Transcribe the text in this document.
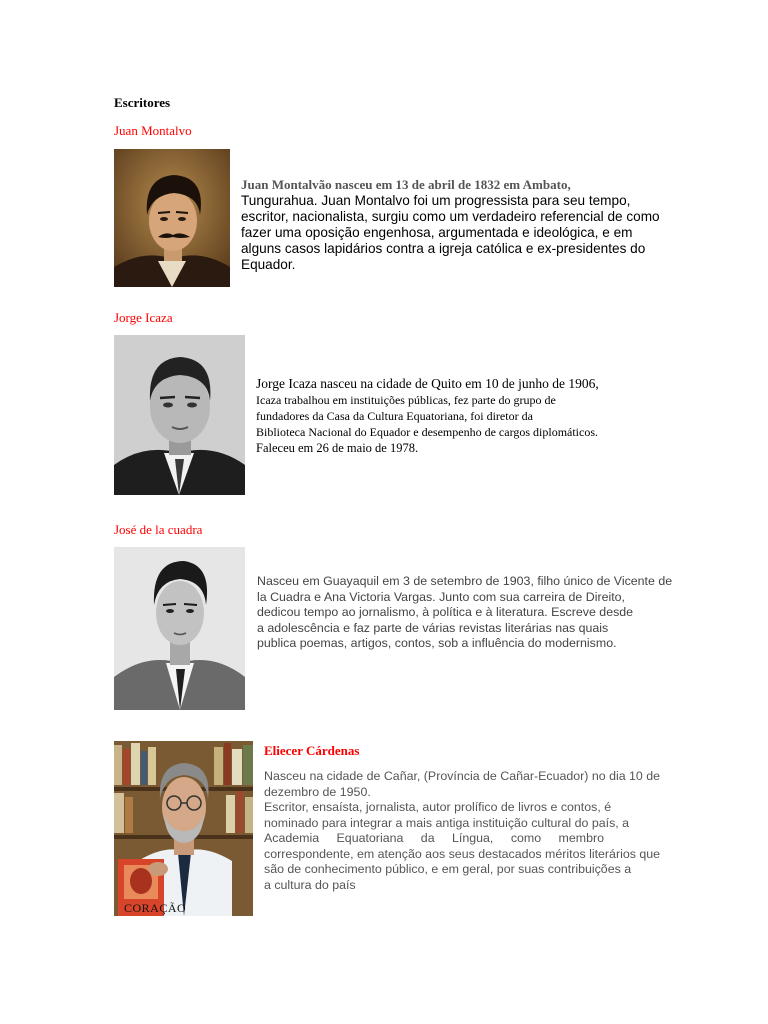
Escritores
Juan Montalvo
Juan Montalvão nasceu em 13 de abril de 1832 em Ambato,
Tungurahua. Juan Montalvo foi um progressista para seu tempo,
escritor, nacionalista, surgiu como um verdadeiro referencial de como
fazer uma oposição engenhosa, argumentada e ideológica, e em
alguns casos lapidários contra a igreja católica e ex-presidentes do
Equador.
Jorge Icaza
Jorge Icaza nasceu na cidade de Quito em 10 de junho de 1906,
Icaza trabalhou em instituições públicas, fez parte do grupo de
fundadores da Casa da Cultura Equatoriana, foi diretor da
Biblioteca Nacional do Equador e desempenho de cargos diplomáticos.
Faleceu em 26 de maio de 1978.
José de la cuadra
Nasceu em Guayaquil em 3 de setembro de 1903, filho único de Vicente de
la Cuadra e Ana Victoria Vargas. Junto com sua carreira de Direito,
dedicou tempo ao jornalismo, à política e à literatura. Escreve desde
a adolescência e faz parte de várias revistas literárias nas quais
publica poemas, artigos, contos, sob a influência do modernismo.
CORAÇÃO
Eliecer Cárdenas
Nasceu na cidade de Cañar, (Província de Cañar-Ecuador) no dia 10 de
dezembro de 1950.
Escritor, ensaísta, jornalista, autor prolífico de livros e contos, é
nominado para integrar a mais antiga instituição cultural do país, a
Academia Equatoriana da Língua, como membro
correspondente, em atenção aos seus destacados méritos literários que
são de conhecimento público, e em geral, por suas contribuições a
a cultura do país
